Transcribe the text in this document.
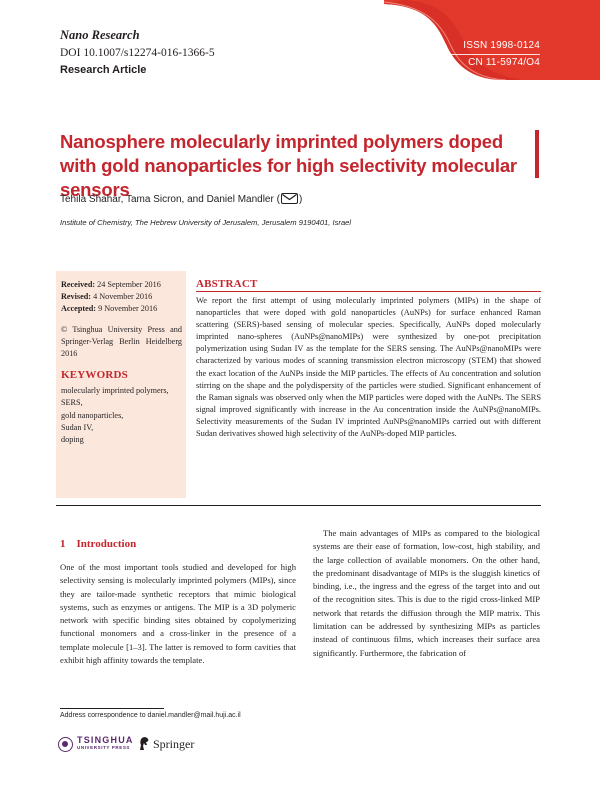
Nano Research
DOI 10.1007/s12274-016-1366-5
Research Article
ISSN 1998-0124
CN 11-5974/O4
Nanosphere molecularly imprinted polymers doped with gold nanoparticles for high selectivity molecular sensors
Tehila Shahar, Tama Sicron, and Daniel Mandler ( )
Institute of Chemistry, The Hebrew University of Jerusalem, Jerusalem 9190401, Israel
Received: 24 September 2016
Revised: 4 November 2016
Accepted: 9 November 2016
© Tsinghua University Press and Springer-Verlag Berlin Heidelberg 2016
KEYWORDS
molecularly imprinted polymers,
SERS,
gold nanoparticles,
Sudan IV,
doping
ABSTRACT
We report the first attempt of using molecularly imprinted polymers (MIPs) in the shape of nanoparticles that were doped with gold nanoparticles (AuNPs) for surface enhanced Raman scattering (SERS)-based sensing of molecular species. Specifically, AuNPs doped molecularly imprinted nano-spheres (AuNPs@nanoMIPs) were synthesized by one-pot precipitation polymerization using Sudan IV as the template for the SERS sensing. The AuNPs@nanoMIPs were characterized by various modes of scanning transmission electron microscopy (STEM) that showed the exact location of the AuNPs inside the MIP particles. The effects of Au concentration and solution stirring on the shape and the polydispersity of the particles were studied. Significant enhancement of the Raman signals was observed only when the MIP particles were doped with the AuNPs. The SERS signal improved significantly with increase in the Au concentration inside the AuNPs@nanoMIPs. Selectivity measurements of the Sudan IV imprinted AuNPs@nanoMIPs carried out with different Sudan derivatives showed high selectivity of the AuNPs-doped MIP particles.
1    Introduction
One of the most important tools studied and developed for high selectivity sensing is molecularly imprinted polymers (MIPs), since they are tailor-made synthetic receptors that mimic biological systems, such as enzymes or antigens. The MIP is a 3D polymeric network with specific binding sites obtained by copolymerizing functional monomers and a cross-linker in the presence of a template molecule [1–3]. The latter is removed to form cavities that exhibit high affinity towards the template.
The main advantages of MIPs as compared to the biological systems are their ease of formation, low-cost, high stability, and the large collection of available monomers. On the other hand, the predominant disadvantage of MIPs is the sluggish kinetics of binding, i.e., the ingress and the egress of the target into and out of the recognition sites. This is due to the rigid cross-linked MIP network that retards the diffusion through the MIP matrix. This limitation can be addressed by synthesizing MIPs as particles instead of continuous films, which increases their surface area significantly. Furthermore, the fabrication of
Address correspondence to daniel.mandler@mail.huji.ac.il
TSINGHUA
UNIVERSITY PRESS Springer
